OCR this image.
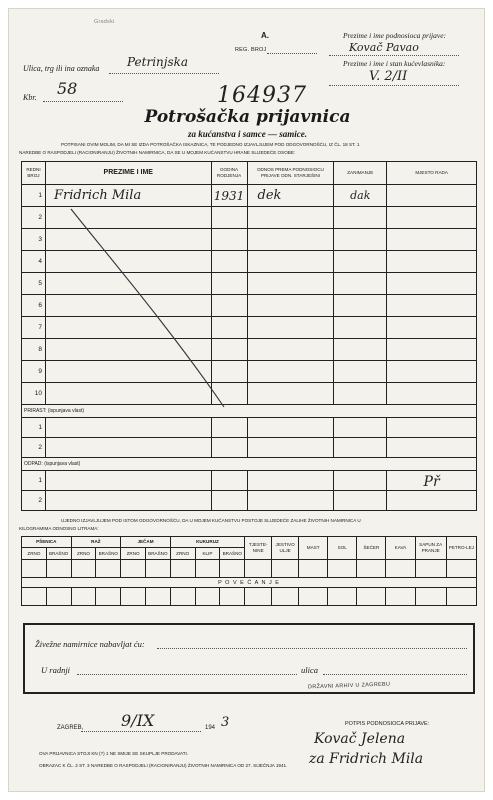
Gradski
A.
REG. BROJ
Prezime i ime podnosioca prijave:
Kovač Pavao
Prezime i ime i stan kućevlasnika:
V. 2/II
Ulica, trg ili ina oznaka Petrinjska
Kbr. 58	164937
Potrošačka prijavnica
za kućanstva i samce — samice.
POTPISANI OVIM MOLIM, DA MI SE IZDA POTROŠAČKA ISKAZNICA, TE PODJEDNO IZJAVLJUJEM POD ODGOVORNOŠĆU, IZ ČL. 18 ST. 1
NAREDBE O RASPODJELI (RACIONIRANJU) ŽIVOTNIH NAMIRNICA, DA SE U MOJEM KUĆANSTVU HRANE SLIJEDEĆE OSOBE:
REDNI BROJ	PREZIME I IME	GODINA RODJENJA	ODNOS PREMA PODNOSIOCU PRIJAVE ODN. STARJEŠINI	ZANIMANJE	MJESTO RADA
1	Fridrich Mila	1931	dek	dak	
2					
3					
4					
5					
6					
7					
8					
9					
10					
PRIRAST: (ispunjava vlast)					
1					
2					
ODPAD: (ispunjava vlast)					
1					Př
2					
UJEDNO IZJAVLJUJEM POD ISTOM ODGOVORNOŠĆU, DA U MOJEM KUĆANSTVU POSTOJE SLIJEDEĆE ZALIHE ŽIVOTNIH NAMIRNICA U
KILOGRAMIMA ODNOSNO LITRAMA:
PŠENICA		RAŽ		JEČAM		KUKURUZ			TJESTE-NINE	JESTIVO ULJE	MAST	SOL	ŠEĆER	KAVA	SAPUN ZA PRANJE	PETRO-LEJ
ZRNO	BRAŠNO	ZRNO	BRAŠNO	ZRNO	BRAŠNO	ZRNO	KLIP	BRAŠNO								

P O V E Ć A N J E																

Živežne namirnice nabavljat ću:
U radnji	ulica
DRŽAVNI ARHIV U ZAGREBU
ZAGREB, 9/IX	194 3	POTPIS PODNOSIOCA PRIJAVE:
Kovač Jelena
za Fridrich Mila
OVA PRIJAVNICA STOJI KN (?) 1 NE SMIJE SE SKUPLJE PRODAVATI.
OBRAZAC K ČL. 2 ST. 3 NAREDBE O RASPODJELI (RACIONIRANJU) ŽIVOTNIH NAMIRNICA OD 27. SIJEČNJA 1941.
